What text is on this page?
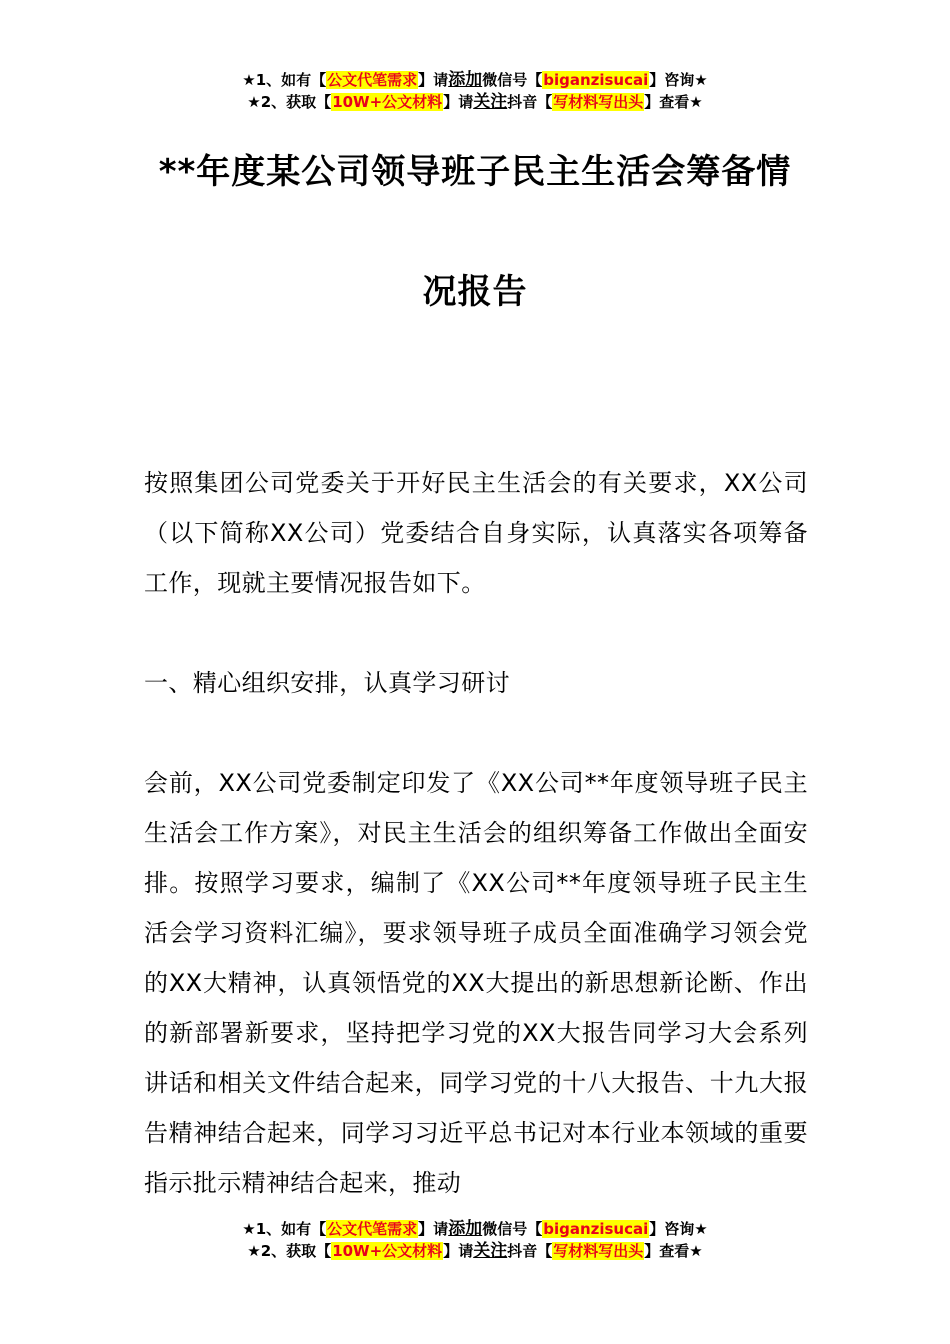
★1、如有【公文代笔需求】请添加微信号【biganzisucai】咨询★
★2、获取【10W+公文材料】请关注抖音【写材料写出头】查看★
**年度某公司领导班子民主生活会筹备情
况报告

按照集团公司党委关于开好民主生活会的有关要求，XX公司（以下简称XX公司）党委结合自身实际，认真落实各项筹备工作，现就主要情况报告如下。

一、精心组织安排，认真学习研讨

会前，XX公司党委制定印发了《XX公司**年度领导班子民主生活会工作方案》，对民主生活会的组织筹备工作做出全面安排。按照学习要求，编制了《XX公司**年度领导班子民主生活会学习资料汇编》，要求领导班子成员全面准确学习领会党的XX大精神，认真领悟党的XX大提出的新思想新论断、作出的新部署新要求，坚持把学习党的XX大报告同学习大会系列讲话和相关文件结合起来，同学习党的十八大报告、十九大报告精神结合起来，同学习习近平总书记对本行业本领域的重要指示批示精神结合起来，推动

★1、如有【公文代笔需求】请添加微信号【biganzisucai】咨询★
★2、获取【10W+公文材料】请关注抖音【写材料写出头】查看★
